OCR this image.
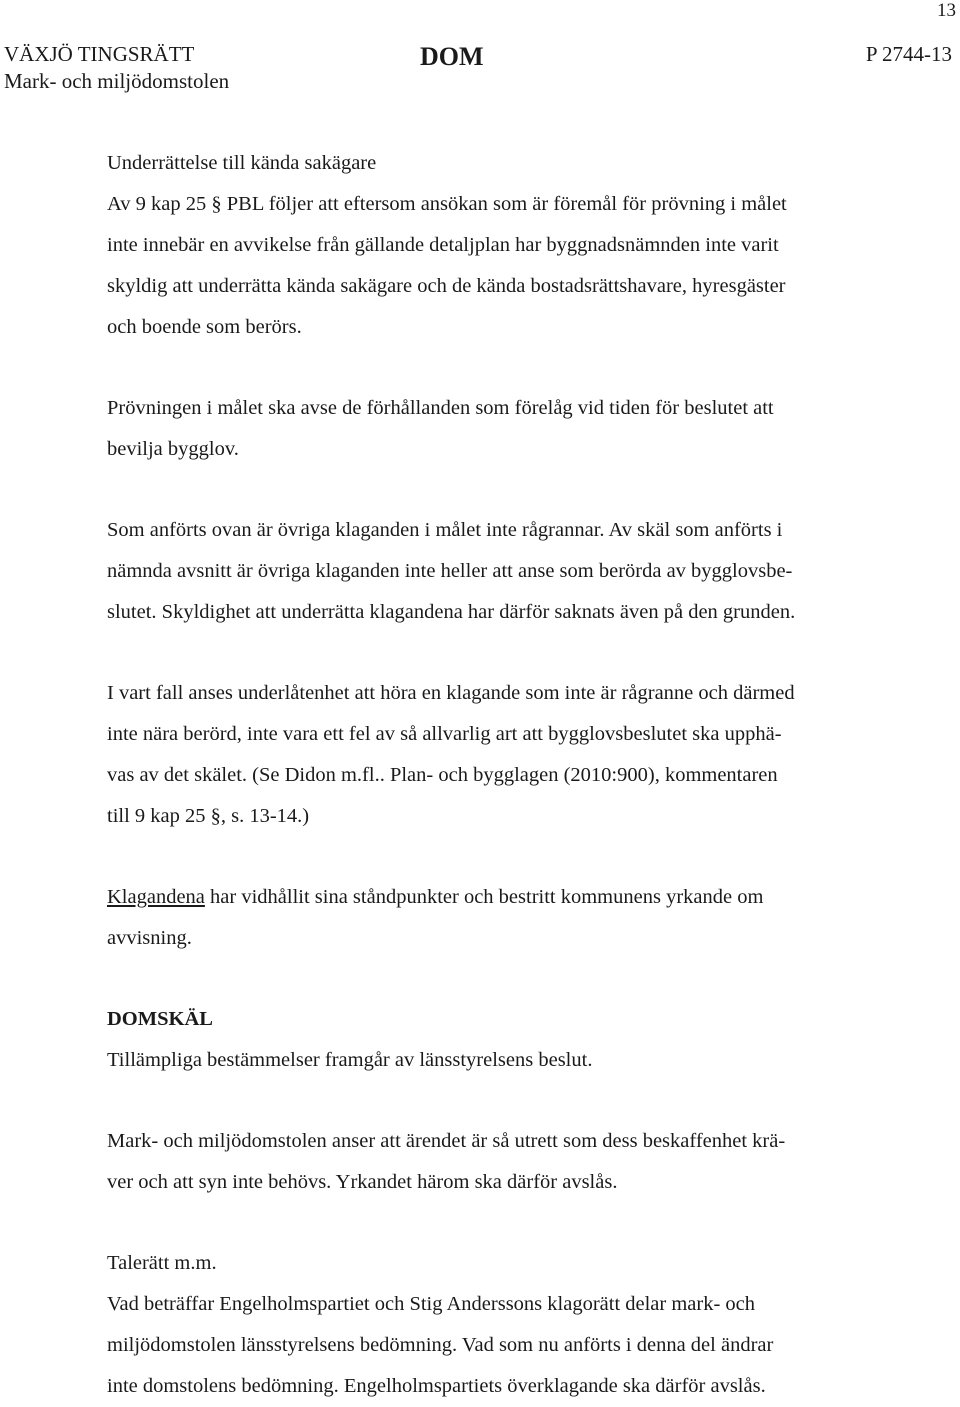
13
VÄXJÖ TINGSRÄTT
Mark- och miljödomstolen
DOM	P 2744-13
Underrättelse till kända sakägare
Av 9 kap 25 § PBL följer att eftersom ansökan som är föremål för prövning i målet
inte innebär en avvikelse från gällande detaljplan har byggnadsnämnden inte varit
skyldig att underrätta kända sakägare och de kända bostadsrättshavare, hyresgäster
och boende som berörs.
Prövningen i målet ska avse de förhållanden som förelåg vid tiden för beslutet att
bevilja bygglov.
Som anförts ovan är övriga klaganden i målet inte rågrannar. Av skäl som anförts i
nämnda avsnitt är övriga klaganden inte heller att anse som berörda av bygglovsbe-
slutet. Skyldighet att underrätta klagandena har därför saknats även på den grunden.
I vart fall anses underlåtenhet att höra en klagande som inte är rågranne och därmed
inte nära berörd, inte vara ett fel av så allvarlig art att bygglovsbeslutet ska upphä-
vas av det skälet. (Se Didon m.fl.. Plan- och bygglagen (2010:900), kommentaren
till 9 kap 25 §, s. 13-14.)
Klagandena har vidhållit sina ståndpunkter och bestritt kommunens yrkande om
avvisning.
DOMSKÄL
Tillämpliga bestämmelser framgår av länsstyrelsens beslut.
Mark- och miljödomstolen anser att ärendet är så utrett som dess beskaffenhet krä-
ver och att syn inte behövs. Yrkandet härom ska därför avslås.
Talerätt m.m.
Vad beträffar Engelholmspartiet och Stig Anderssons klagorätt delar mark- och
miljödomstolen länsstyrelsens bedömning. Vad som nu anförts i denna del ändrar
inte domstolens bedömning. Engelholmspartiets överklagande ska därför avslås.
